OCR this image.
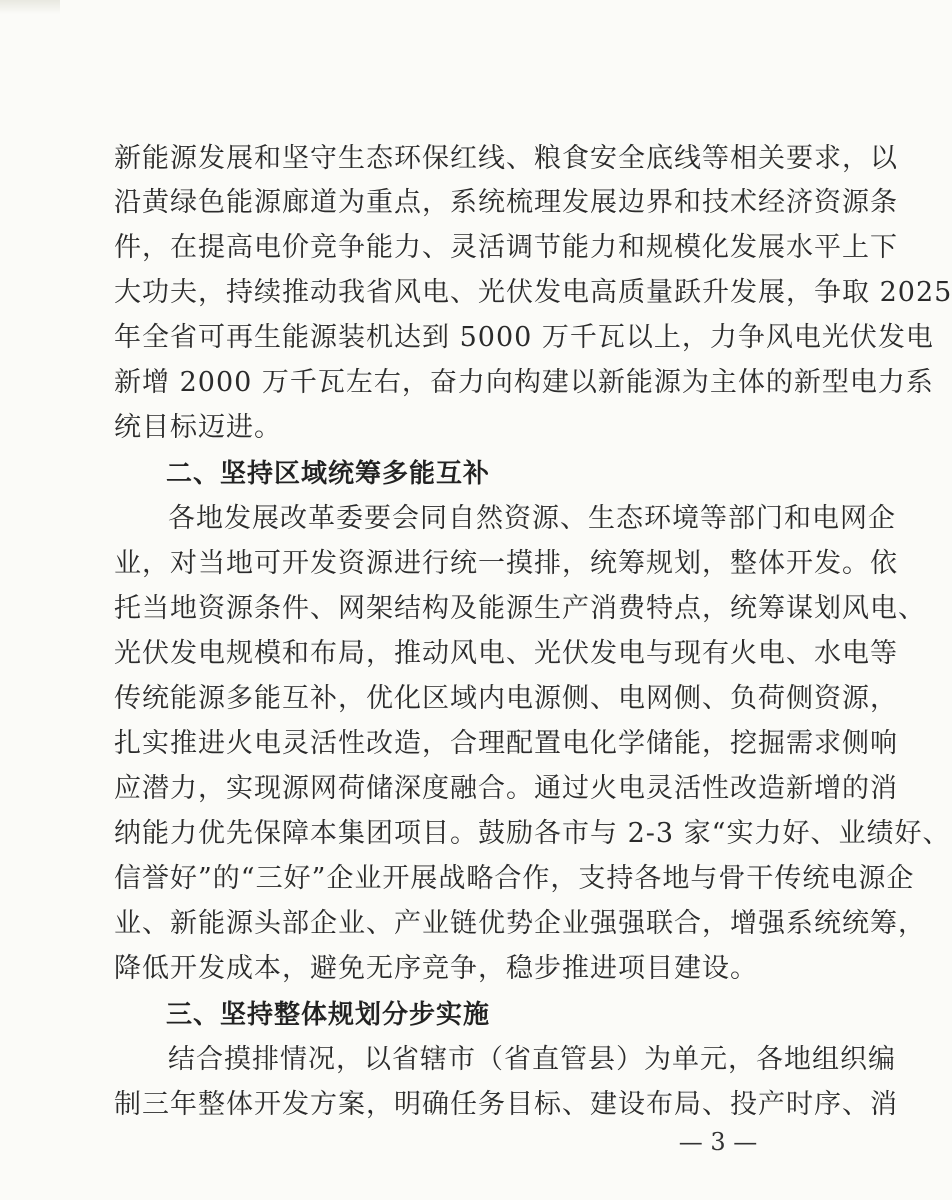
新能源发展和坚守生态环保红线、粮食安全底线等相关要求，以
沿黄绿色能源廊道为重点，系统梳理发展边界和技术经济资源条
件，在提高电价竞争能力、灵活调节能力和规模化发展水平上下
大功夫，持续推动我省风电、光伏发电高质量跃升发展，争取 2025
年全省可再生能源装机达到 5000 万千瓦以上，力争风电光伏发电
新增 2000 万千瓦左右，奋力向构建以新能源为主体的新型电力系
统目标迈进。
二、坚持区域统筹多能互补
各地发展改革委要会同自然资源、生态环境等部门和电网企
业，对当地可开发资源进行统一摸排，统筹规划，整体开发。依
托当地资源条件、网架结构及能源生产消费特点，统筹谋划风电、
光伏发电规模和布局，推动风电、光伏发电与现有火电、水电等
传统能源多能互补，优化区域内电源侧、电网侧、负荷侧资源，
扎实推进火电灵活性改造，合理配置电化学储能，挖掘需求侧响
应潜力，实现源网荷储深度融合。通过火电灵活性改造新增的消
纳能力优先保障本集团项目。鼓励各市与 2-3 家“实力好、业绩好、
信誉好”的“三好”企业开展战略合作，支持各地与骨干传统电源企
业、新能源头部企业、产业链优势企业强强联合，增强系统统筹，
降低开发成本，避免无序竞争，稳步推进项目建设。
三、坚持整体规划分步实施
结合摸排情况，以省辖市（省直管县）为单元，各地组织编
制三年整体开发方案，明确任务目标、建设布局、投产时序、消
— 3 —
